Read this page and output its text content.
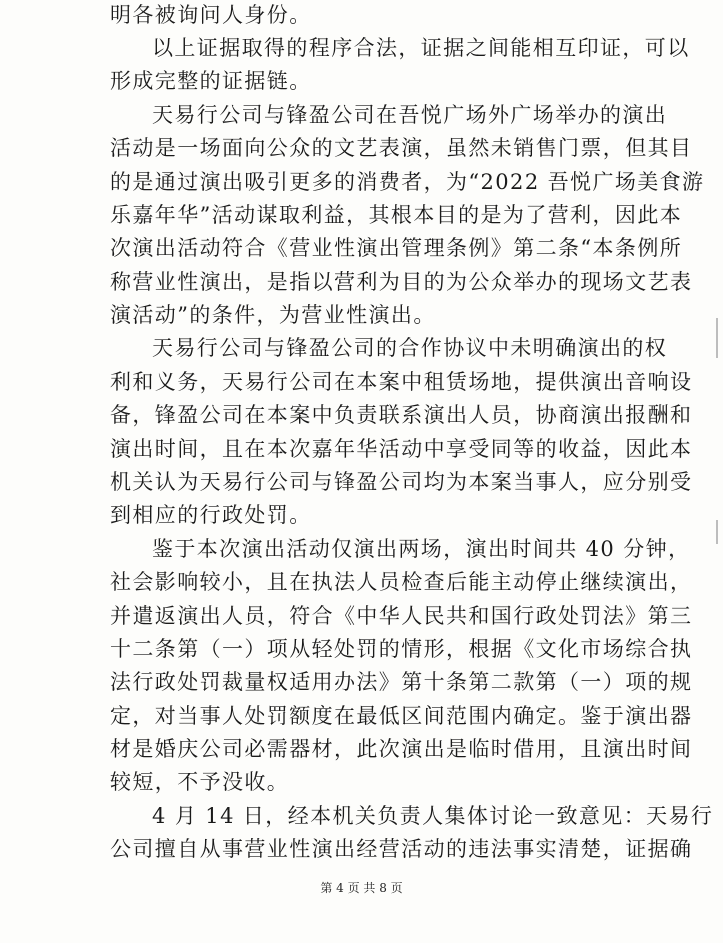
明各被询问人身份。
以上证据取得的程序合法，证据之间能相互印证，可以
形成完整的证据链。
天易行公司与锋盈公司在吾悦广场外广场举办的演出
活动是一场面向公众的文艺表演，虽然未销售门票，但其目
的是通过演出吸引更多的消费者，为“2022 吾悦广场美食游
乐嘉年华”活动谋取利益，其根本目的是为了营利，因此本
次演出活动符合《营业性演出管理条例》第二条“本条例所
称营业性演出，是指以营利为目的为公众举办的现场文艺表
演活动”的条件，为营业性演出。
天易行公司与锋盈公司的合作协议中未明确演出的权
利和义务，天易行公司在本案中租赁场地，提供演出音响设
备，锋盈公司在本案中负责联系演出人员，协商演出报酬和
演出时间，且在本次嘉年华活动中享受同等的收益，因此本
机关认为天易行公司与锋盈公司均为本案当事人，应分别受
到相应的行政处罚。
鉴于本次演出活动仅演出两场，演出时间共 40 分钟，
社会影响较小，且在执法人员检查后能主动停止继续演出，
并遣返演出人员，符合《中华人民共和国行政处罚法》第三
十二条第（一）项从轻处罚的情形，根据《文化市场综合执
法行政处罚裁量权适用办法》第十条第二款第（一）项的规
定，对当事人处罚额度在最低区间范围内确定。鉴于演出器
材是婚庆公司必需器材，此次演出是临时借用，且演出时间
较短，不予没收。
4 月 14 日，经本机关负责人集体讨论一致意见：天易行
公司擅自从事营业性演出经营活动的违法事实清楚，证据确
第 4 页 共 8 页
